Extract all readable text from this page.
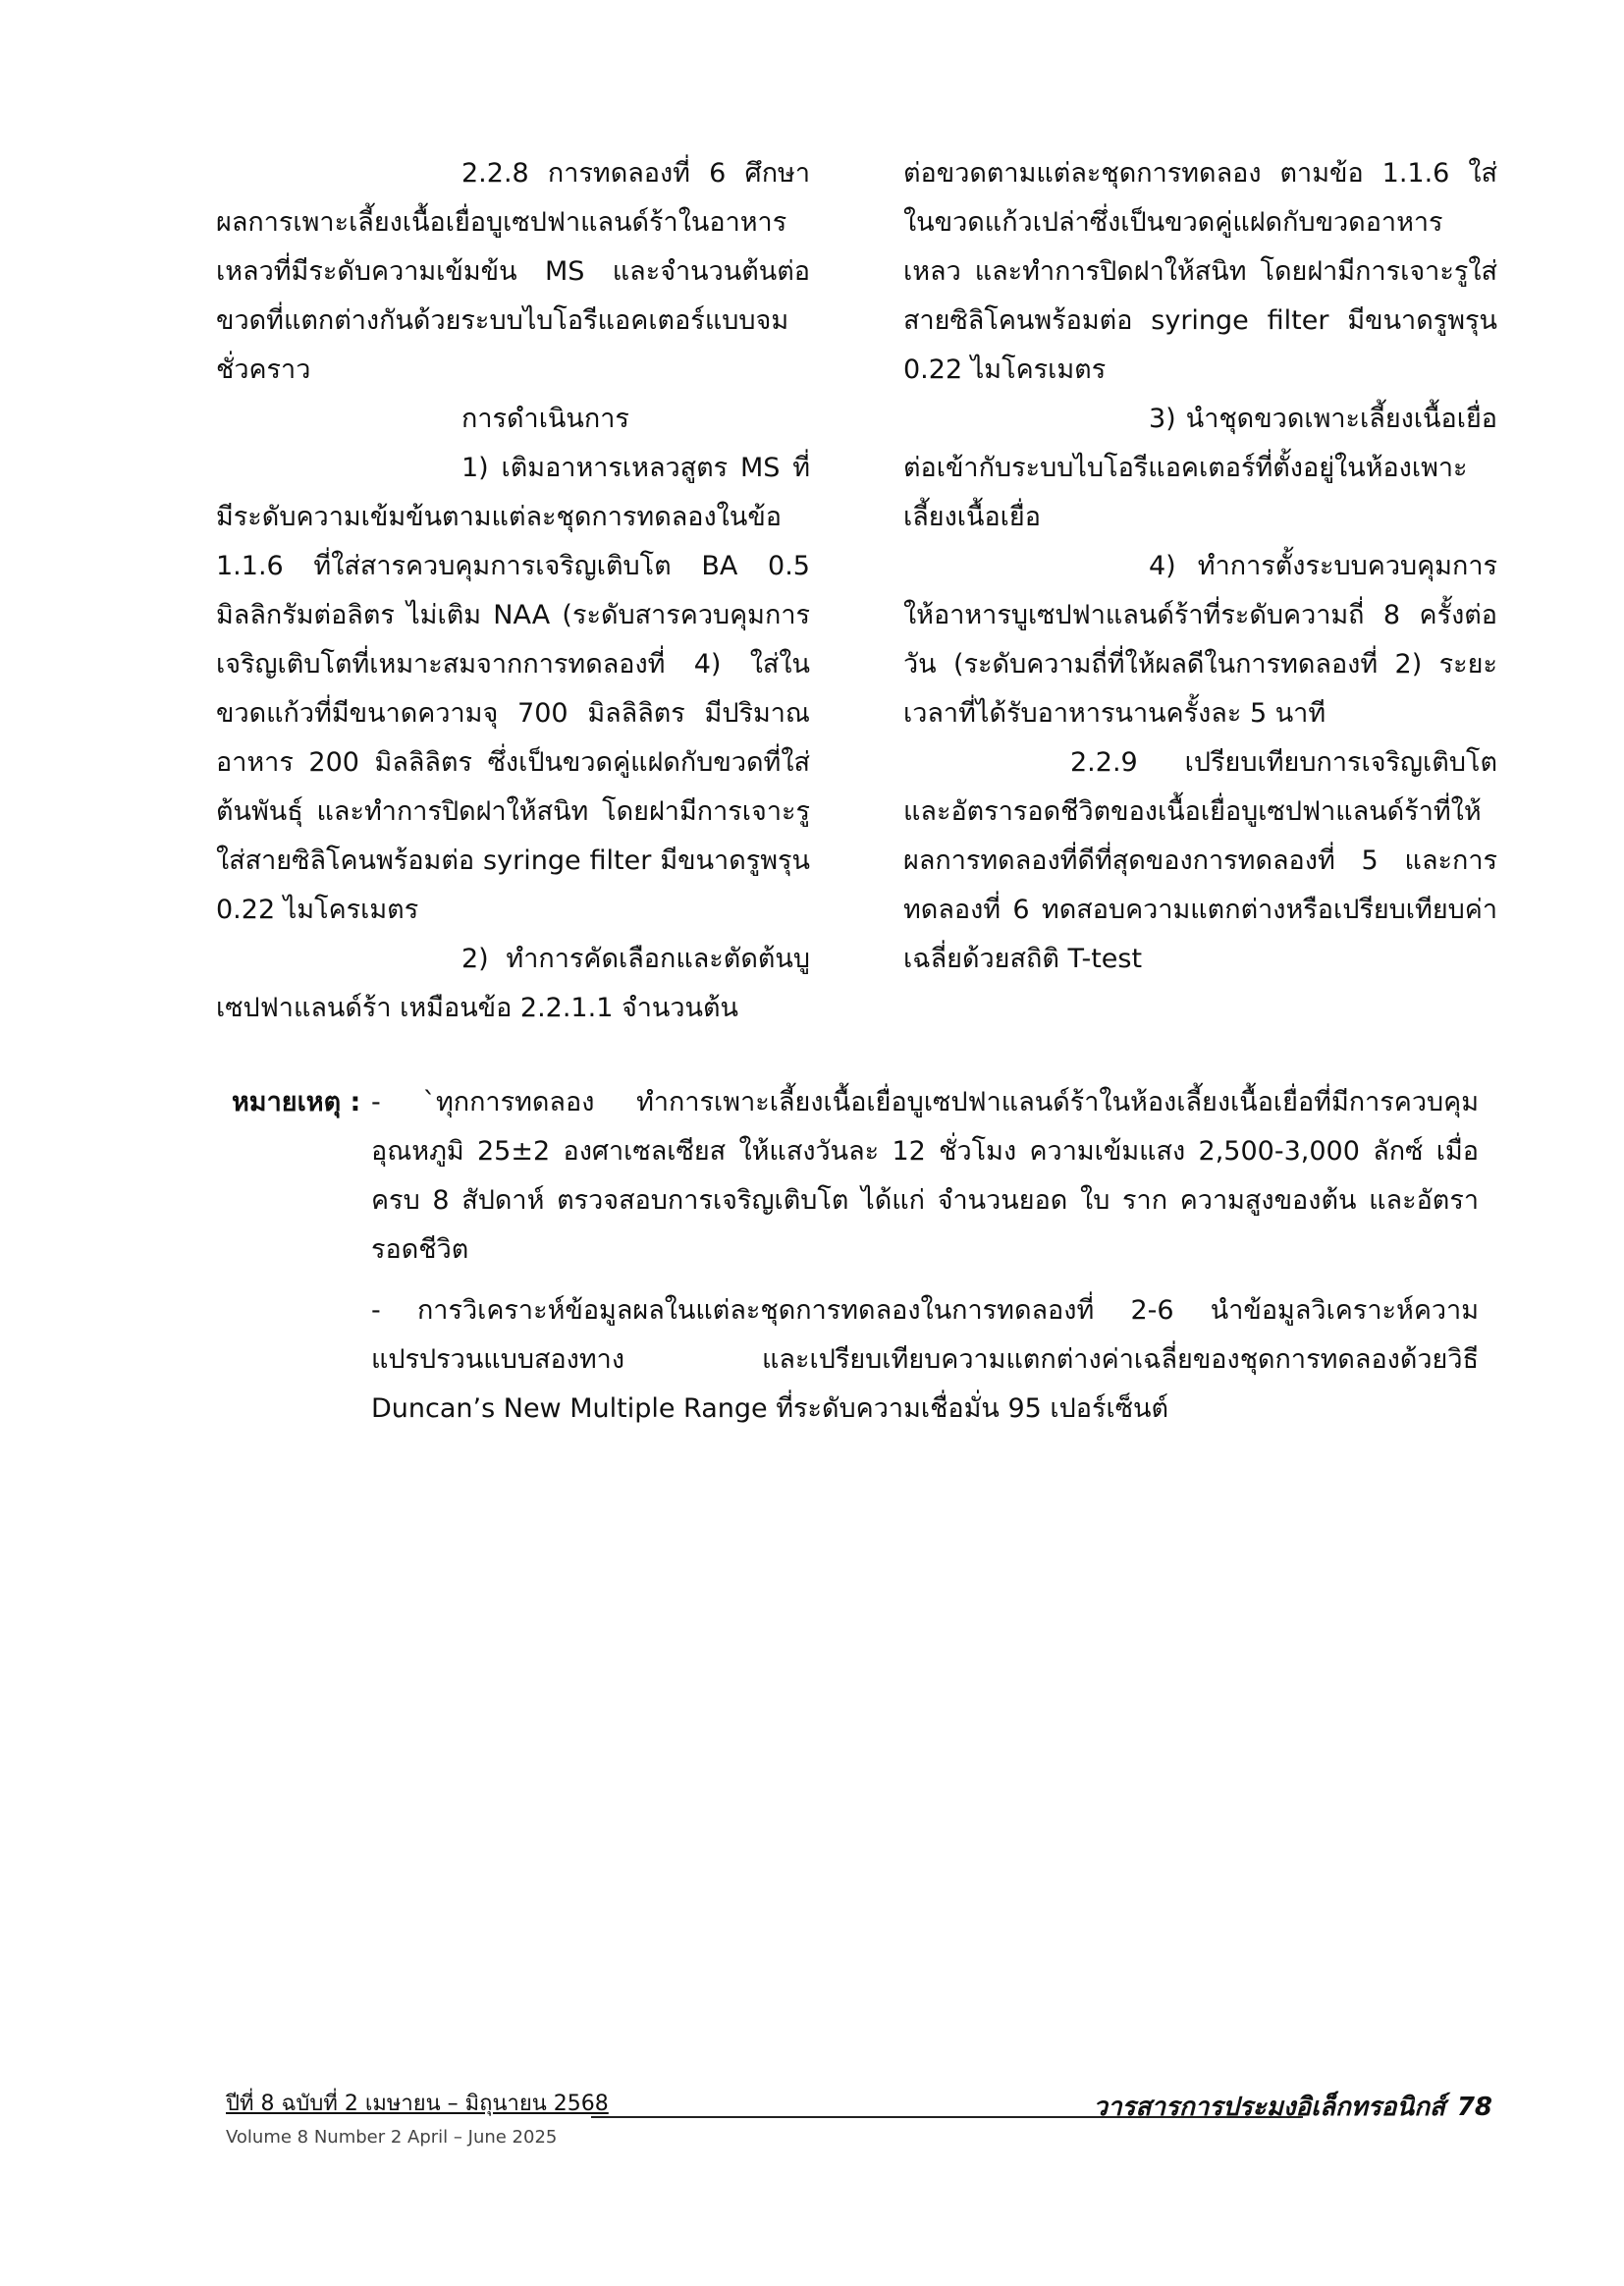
2.2.8 การทดลองที่ 6 ศึกษาผลการเพาะเลี้ยงเนื้อเยื่อบูเซปฟาแลนด์ร้าในอาหารเหลวที่มีระดับความเข้มข้น MS และจำนวนต้นต่อขวดที่แตกต่างกันด้วยระบบไบโอรีแอคเตอร์แบบจมชั่วคราว

การดำเนินการ

1) เติมอาหารเหลวสูตร MS ที่มีระดับความเข้มข้นตามแต่ละชุดการทดลองในข้อ 1.1.6 ที่ใส่สารควบคุมการเจริญเติบโต BA 0.5 มิลลิกรัมต่อลิตร ไม่เติม NAA (ระดับสารควบคุมการเจริญเติบโตที่เหมาะสมจากการทดลองที่ 4) ใส่ในขวดแก้วที่มีขนาดความจุ 700 มิลลิลิตร มีปริมาณอาหาร 200 มิลลิลิตร ซึ่งเป็นขวดคู่แฝดกับขวดที่ใส่ต้นพันธุ์ และทำการปิดฝาให้สนิท โดยฝามีการเจาะรูใส่สายซิลิโคนพร้อมต่อ syringe filter มีขนาดรูพรุน 0.22 ไมโครเมตร

2) ทำการคัดเลือกและตัดต้นบูเซปฟาแลนด์ร้า เหมือนข้อ 2.2.1.1 จำนวนต้น

ต่อขวดตามแต่ละชุดการทดลอง ตามข้อ 1.1.6 ใส่ในขวดแก้วเปล่าซึ่งเป็นขวดคู่แฝดกับขวดอาหารเหลว และทำการปิดฝาให้สนิท โดยฝามีการเจาะรูใส่สายซิลิโคนพร้อมต่อ syringe filter มีขนาดรูพรุน 0.22 ไมโครเมตร

3) นำชุดขวดเพาะเลี้ยงเนื้อเยื่อต่อเข้ากับระบบไบโอรีแอคเตอร์ที่ตั้งอยู่ในห้องเพาะเลี้ยงเนื้อเยื่อ

4) ทำการตั้งระบบควบคุมการให้อาหารบูเซปฟาแลนด์ร้าที่ระดับความถี่ 8 ครั้งต่อวัน (ระดับความถี่ที่ให้ผลดีในการทดลองที่ 2) ระยะเวลาที่ได้รับอาหารนานครั้งละ 5 นาที

2.2.9 เปรียบเทียบการเจริญเติบโตและอัตรารอดชีวิตของเนื้อเยื่อบูเซปฟาแลนด์ร้าที่ให้ผลการทดลองที่ดีที่สุดของการทดลองที่ 5 และการทดลองที่ 6 ทดสอบความแตกต่างหรือเปรียบเทียบค่าเฉลี่ยด้วยสถิติ T-test

หมายเหตุ : - `ทุกการทดลอง ทำการเพาะเลี้ยงเนื้อเยื่อบูเซปฟาแลนด์ร้าในห้องเลี้ยงเนื้อเยื่อที่มีการควบคุมอุณหภูมิ 25±2 องศาเซลเซียส ให้แสงวันละ 12 ชั่วโมง ความเข้มแสง 2,500-3,000 ลักซ์ เมื่อครบ 8 สัปดาห์ ตรวจสอบการเจริญเติบโต ได้แก่ จำนวนยอด ใบ ราก ความสูงของต้น และอัตรารอดชีวิต
- การวิเคราะห์ข้อมูลผลในแต่ละชุดการทดลองในการทดลองที่ 2-6 นำข้อมูลวิเคราะห์ความแปรปรวนแบบสองทาง และเปรียบเทียบความแตกต่างค่าเฉลี่ยของชุดการทดลองด้วยวิธี Duncan’s New Multiple Range ที่ระดับความเชื่อมั่น 95 เปอร์เซ็นต์
ปีที่ 8 ฉบับที่ 2 เมษายน – มิถุนายน 2568
Volume 8 Number 2 April – June 2025
วารสารการประมงอิเล็กทรอนิกส์ 78
